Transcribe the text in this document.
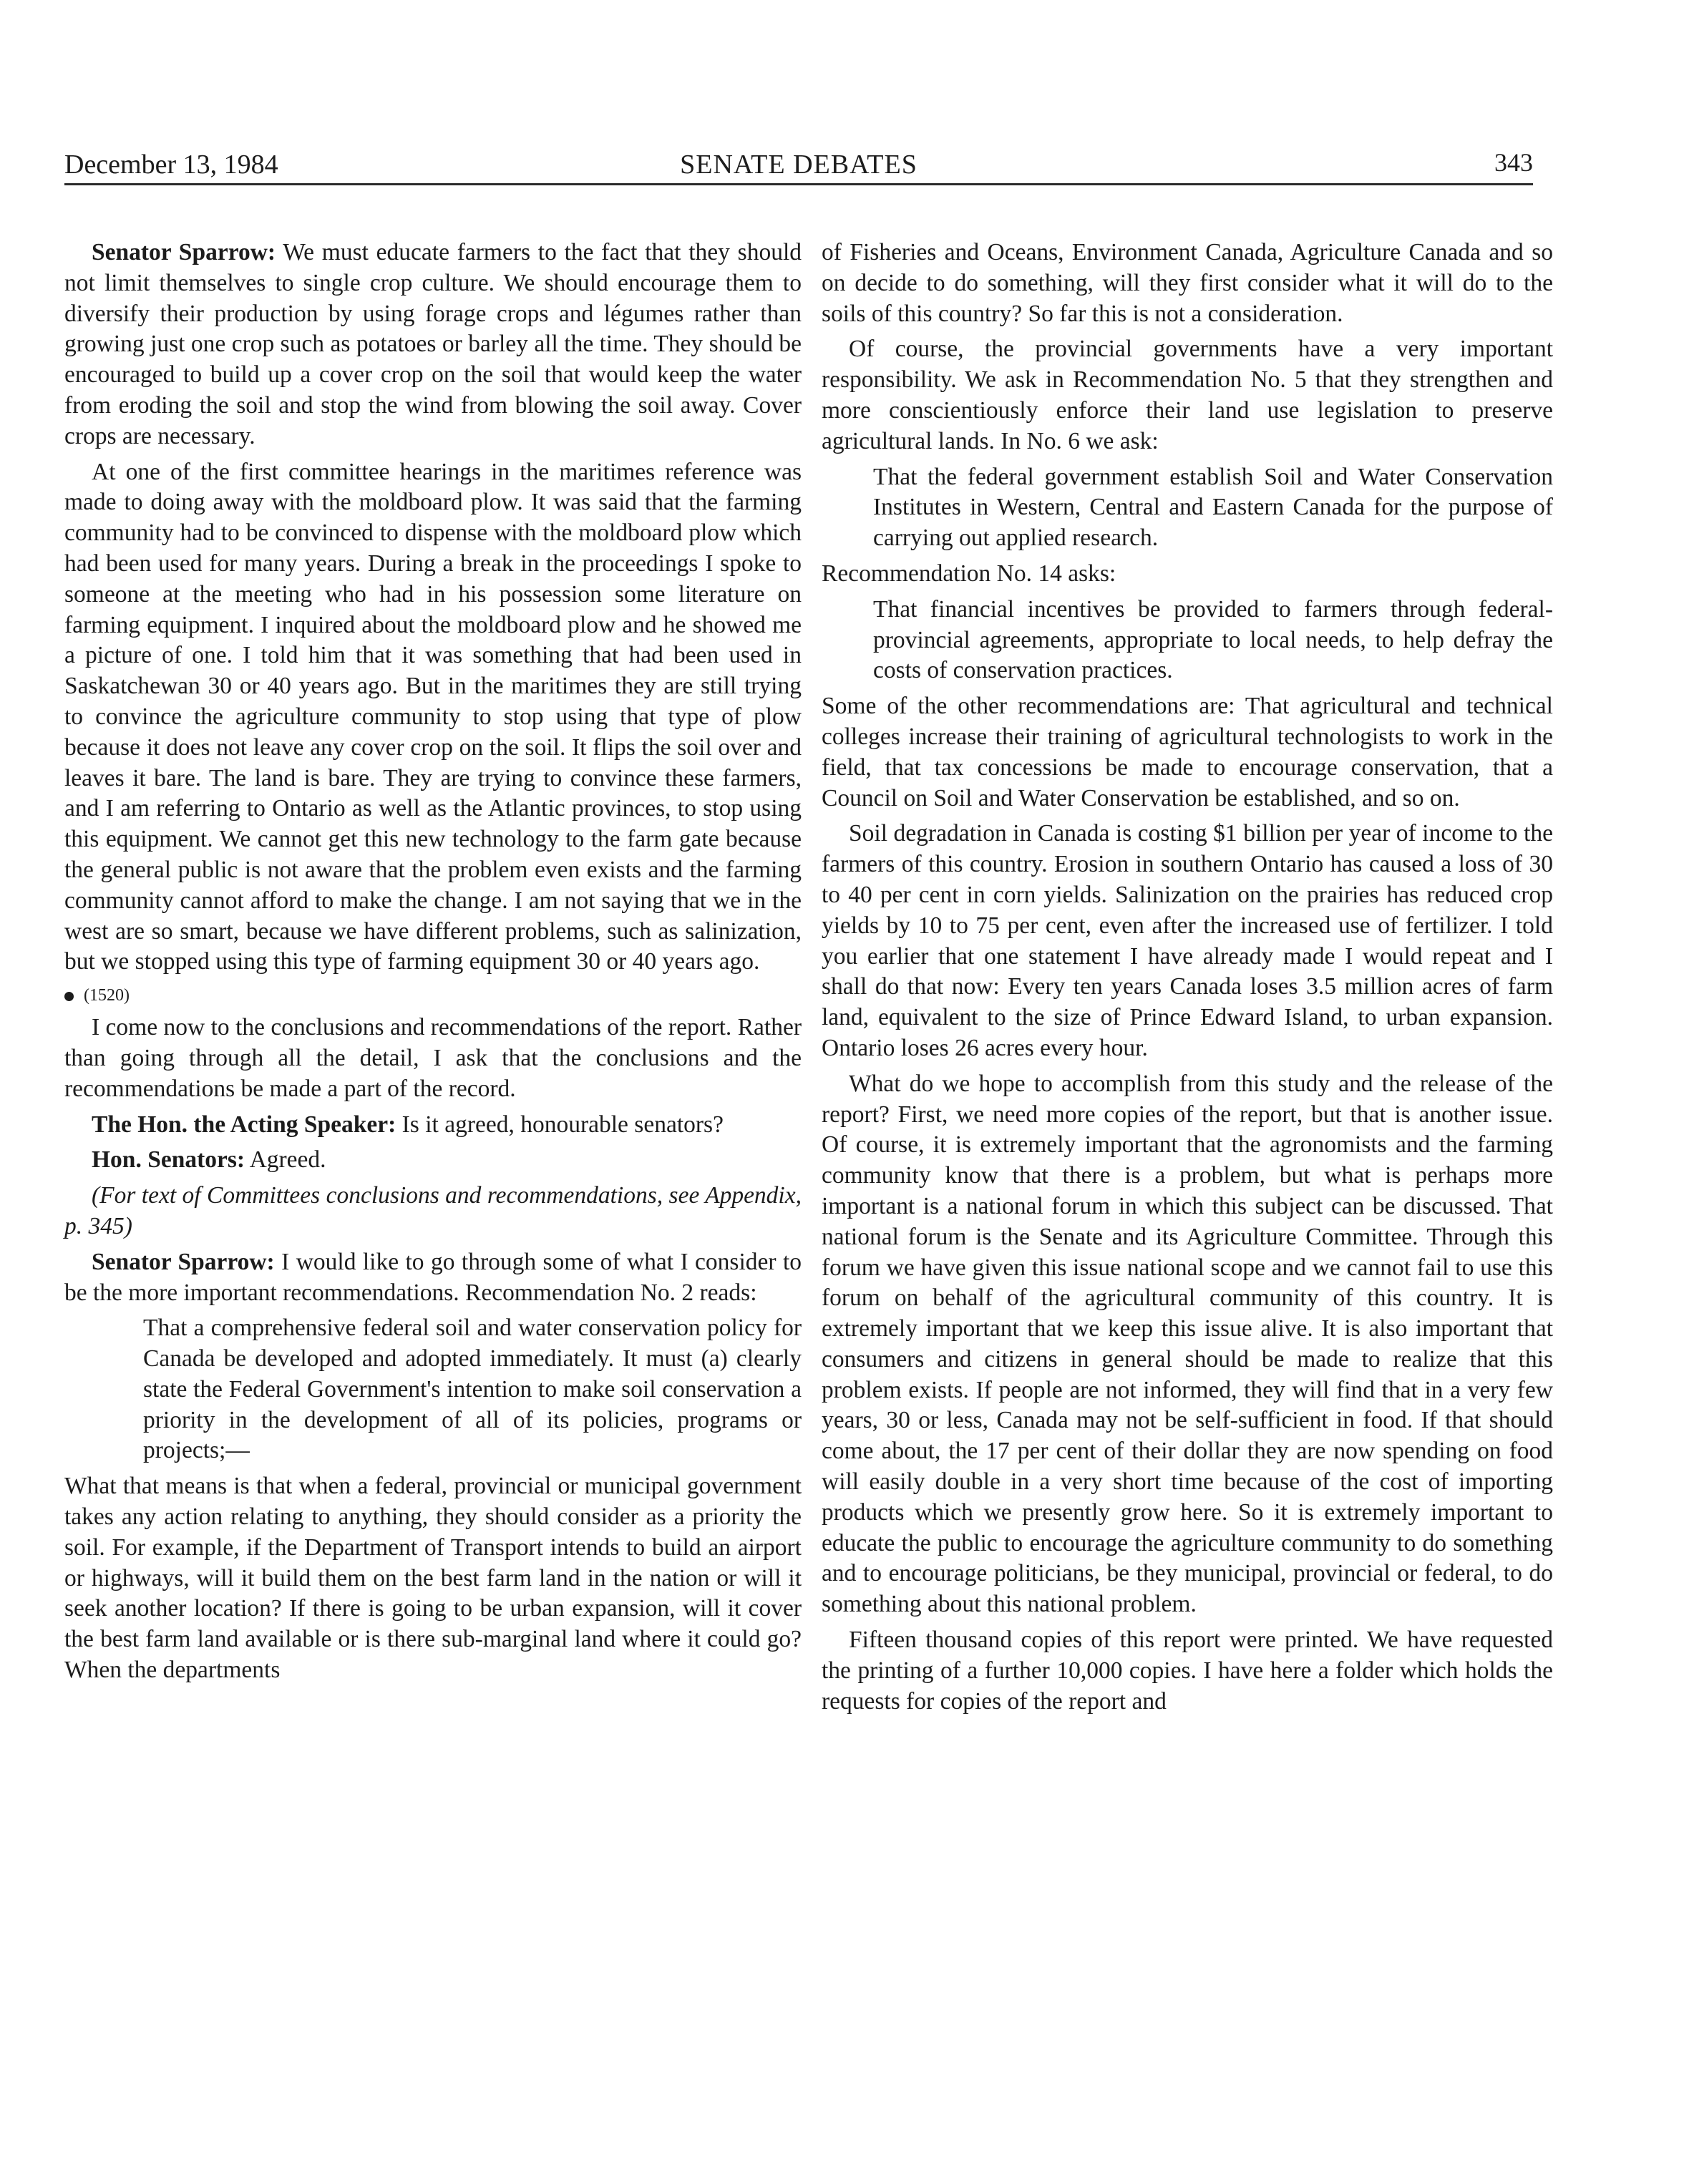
December 13, 1984	SENATE DEBATES	343

Senator Sparrow: We must educate farmers to the fact that they should not limit themselves to single crop culture. We should encourage them to diversify their production by using forage crops and légumes rather than growing just one crop such as potatoes or barley all the time. They should be encouraged to build up a cover crop on the soil that would keep the water from eroding the soil and stop the wind from blowing the soil away. Cover crops are necessary.

At one of the first committee hearings in the maritimes reference was made to doing away with the moldboard plow. It was said that the farming community had to be convinced to dispense with the moldboard plow which had been used for many years. During a break in the proceedings I spoke to someone at the meeting who had in his possession some literature on farming equipment. I inquired about the moldboard plow and he showed me a picture of one. I told him that it was something that had been used in Saskatchewan 30 or 40 years ago. But in the maritimes they are still trying to convince the agriculture community to stop using that type of plow because it does not leave any cover crop on the soil. It flips the soil over and leaves it bare. The land is bare. They are trying to convince these farmers, and I am referring to Ontario as well as the Atlantic provinces, to stop using this equipment. We cannot get this new technology to the farm gate because the general public is not aware that the problem even exists and the farming community cannot afford to make the change. I am not saying that we in the west are so smart, because we have different problems, such as salinization, but we stopped using this type of farming equipment 30 or 40 years ago.

(1520)

I come now to the conclusions and recommendations of the report. Rather than going through all the detail, I ask that the conclusions and the recommendations be made a part of the record.

The Hon. the Acting Speaker: Is it agreed, honourable senators?

Hon. Senators: Agreed.

(For text of Committees conclusions and recommendations, see Appendix, p. 345)

Senator Sparrow: I would like to go through some of what I consider to be the more important recommendations. Recommendation No. 2 reads:

That a comprehensive federal soil and water conservation policy for Canada be developed and adopted immediately. It must (a) clearly state the Federal Government's intention to make soil conservation a priority in the development of all of its policies, programs or projects;—

What that means is that when a federal, provincial or municipal government takes any action relating to anything, they should consider as a priority the soil. For example, if the Department of Transport intends to build an airport or highways, will it build them on the best farm land in the nation or will it seek another location? If there is going to be urban expansion, will it cover the best farm land available or is there sub-marginal land where it could go? When the departments

of Fisheries and Oceans, Environment Canada, Agriculture Canada and so on decide to do something, will they first consider what it will do to the soils of this country? So far this is not a consideration.

Of course, the provincial governments have a very important responsibility. We ask in Recommendation No. 5 that they strengthen and more conscientiously enforce their land use legislation to preserve agricultural lands. In No. 6 we ask:

That the federal government establish Soil and Water Conservation Institutes in Western, Central and Eastern Canada for the purpose of carrying out applied research.

Recommendation No. 14 asks:

That financial incentives be provided to farmers through federal-provincial agreements, appropriate to local needs, to help defray the costs of conservation practices.

Some of the other recommendations are: That agricultural and technical colleges increase their training of agricultural technologists to work in the field, that tax concessions be made to encourage conservation, that a Council on Soil and Water Conservation be established, and so on.

Soil degradation in Canada is costing $1 billion per year of income to the farmers of this country. Erosion in southern Ontario has caused a loss of 30 to 40 per cent in corn yields. Salinization on the prairies has reduced crop yields by 10 to 75 per cent, even after the increased use of fertilizer. I told you earlier that one statement I have already made I would repeat and I shall do that now: Every ten years Canada loses 3.5 million acres of farm land, equivalent to the size of Prince Edward Island, to urban expansion. Ontario loses 26 acres every hour.

What do we hope to accomplish from this study and the release of the report? First, we need more copies of the report, but that is another issue. Of course, it is extremely important that the agronomists and the farming community know that there is a problem, but what is perhaps more important is a national forum in which this subject can be discussed. That national forum is the Senate and its Agriculture Committee. Through this forum we have given this issue national scope and we cannot fail to use this forum on behalf of the agricultural community of this country. It is extremely important that we keep this issue alive. It is also important that consumers and citizens in general should be made to realize that this problem exists. If people are not informed, they will find that in a very few years, 30 or less, Canada may not be self-sufficient in food. If that should come about, the 17 per cent of their dollar they are now spending on food will easily double in a very short time because of the cost of importing products which we presently grow here. So it is extremely important to educate the public to encourage the agriculture community to do something and to encourage politicians, be they municipal, provincial or federal, to do something about this national problem.

Fifteen thousand copies of this report were printed. We have requested the printing of a further 10,000 copies. I have here a folder which holds the requests for copies of the report and
